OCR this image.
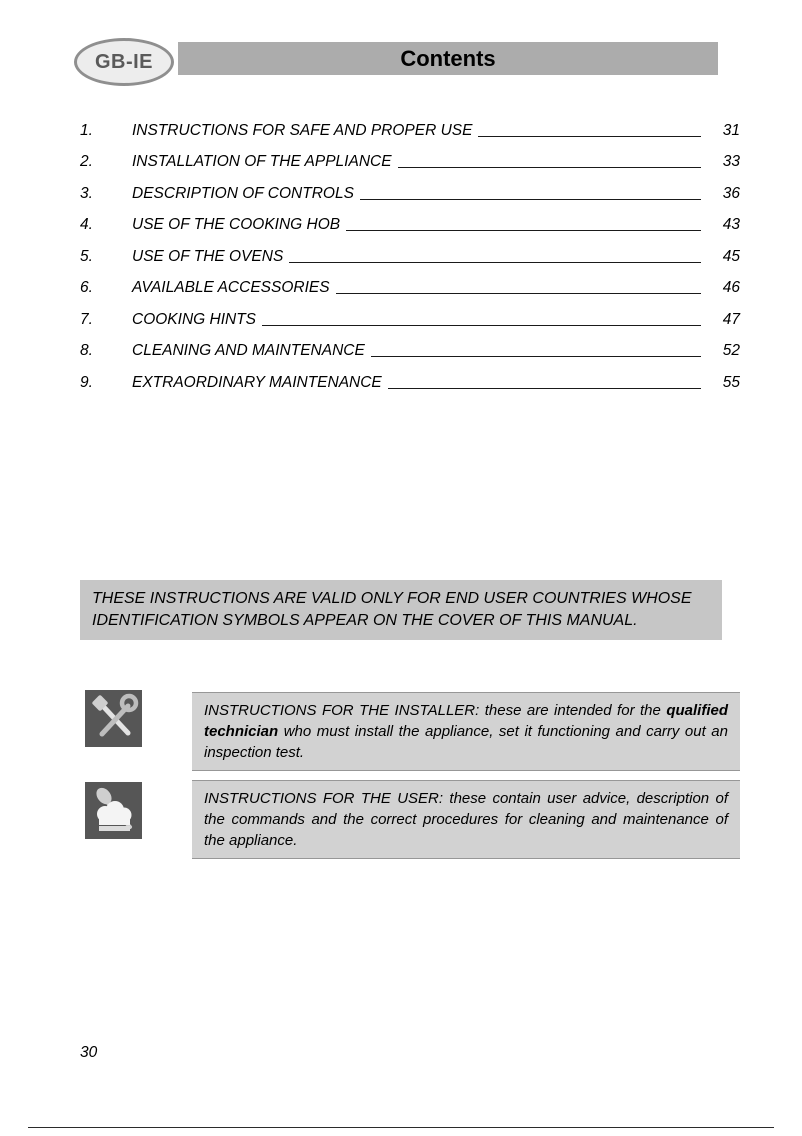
GB-IE	Contents
1.	INSTRUCTIONS FOR SAFE AND PROPER USE	31
2.	INSTALLATION OF THE APPLIANCE	33
3.	DESCRIPTION OF CONTROLS	36
4.	USE OF THE COOKING HOB	43
5.	USE OF THE OVENS	45
6.	AVAILABLE ACCESSORIES	46
7.	COOKING HINTS	47
8.	CLEANING AND MAINTENANCE	52
9.	EXTRAORDINARY MAINTENANCE	55
THESE INSTRUCTIONS ARE VALID ONLY FOR END USER COUNTRIES WHOSE IDENTIFICATION SYMBOLS APPEAR ON THE COVER OF THIS MANUAL.
INSTRUCTIONS FOR THE INSTALLER: these are intended for the qualified technician who must install the appliance, set it functioning and carry out an inspection test.
INSTRUCTIONS FOR THE USER: these contain user advice, description of the commands and the correct procedures for cleaning and maintenance of the appliance.
30
